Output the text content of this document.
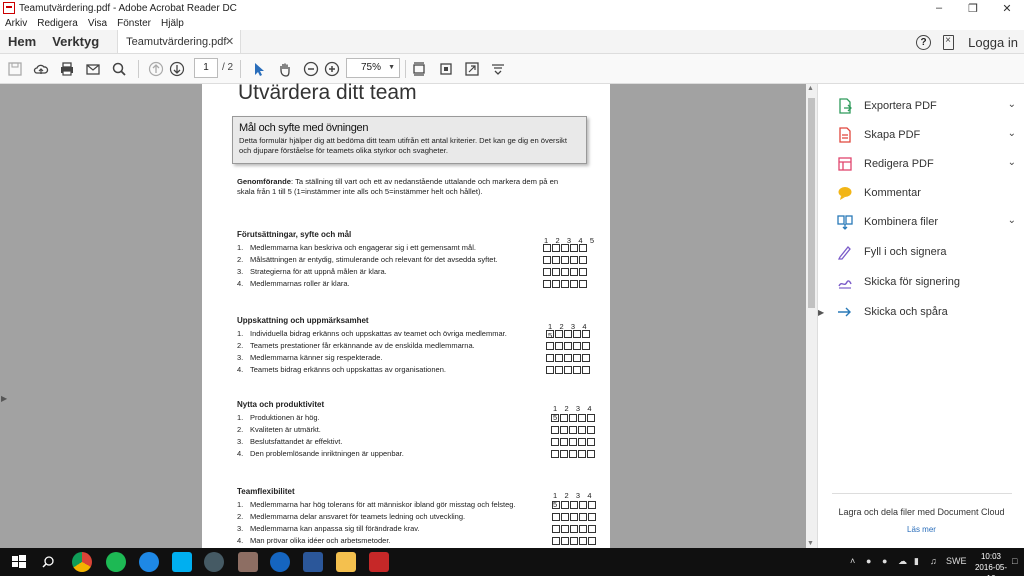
Teamutvärdering.pdf - Adobe Acrobat Reader DC	–	❐	✕
Arkiv Redigera Visa Fönster Hjälp
Hem	Verktyg	Teamutvärdering.pdf
✕	?
×	Logga in
1	/ 2	75% ▼
▶
Utvärdera ditt team
Mål och syfte med övningen
Detta formulär hjälper dig att bedöma ditt team utifrån ett antal kriterier. Det kan ge dig en översikt och djupare förståelse för teamets olika styrkor och svagheter.
Genomförande: Ta ställning till vart och ett av nedanstående uttalande och markera dem på en skala från 1 till 5 (1=instämmer inte alls och 5=instämmer helt och hållet).
Förutsättningar, syfte och mål
1 2 3 4 5
1. Medlemmarna kan beskriva och engagerar sig i ett gemensamt mål.
2. Målsättningen är entydig, stimulerande och relevant för det avsedda syftet.
3. Strategierna för att uppnå målen är klara.
4. Medlemmarnas roller är klara.
Uppskattning och uppmärksamhet
1 2 3 4 5
1. Individuella bidrag erkänns och uppskattas av teamet och övriga medlemmar.
2. Teamets prestationer får erkännande av de enskilda medlemmarna.
3. Medlemmarna känner sig respekterade.
4. Teamets bidrag erkänns och uppskattas av organisationen.
Nytta och produktivitet	1 2 3 4 5
1. Produktionen är hög.
2. Kvaliteten är utmärkt.
3. Beslutsfattandet är effektivt.
4. Den problemlösande inriktningen är uppenbar.
Teamflexibilitet	1 2 3 4 5
1. Medlemmarna har hög tolerans för att människor ibland gör misstag och felsteg.
2. Medlemmarna delar ansvaret för teamets ledning och utveckling.
3. Medlemmarna kan anpassa sig till förändrade krav.
4. Man prövar olika idéer och arbetsmetoder.
▲
▼
▶
Exportera PDF	⌄
Skapa PDF	⌄
Redigera PDF	⌄
Kommentar
Kombinera filer	⌄
Fyll i och signera
Skicka för signering
Skicka och spåra
Lagra och dela filer med Document Cloud
Läs mer
˄ ● ● ☁ ▮ ♫ SWE	10:03
2016-05-16
□
